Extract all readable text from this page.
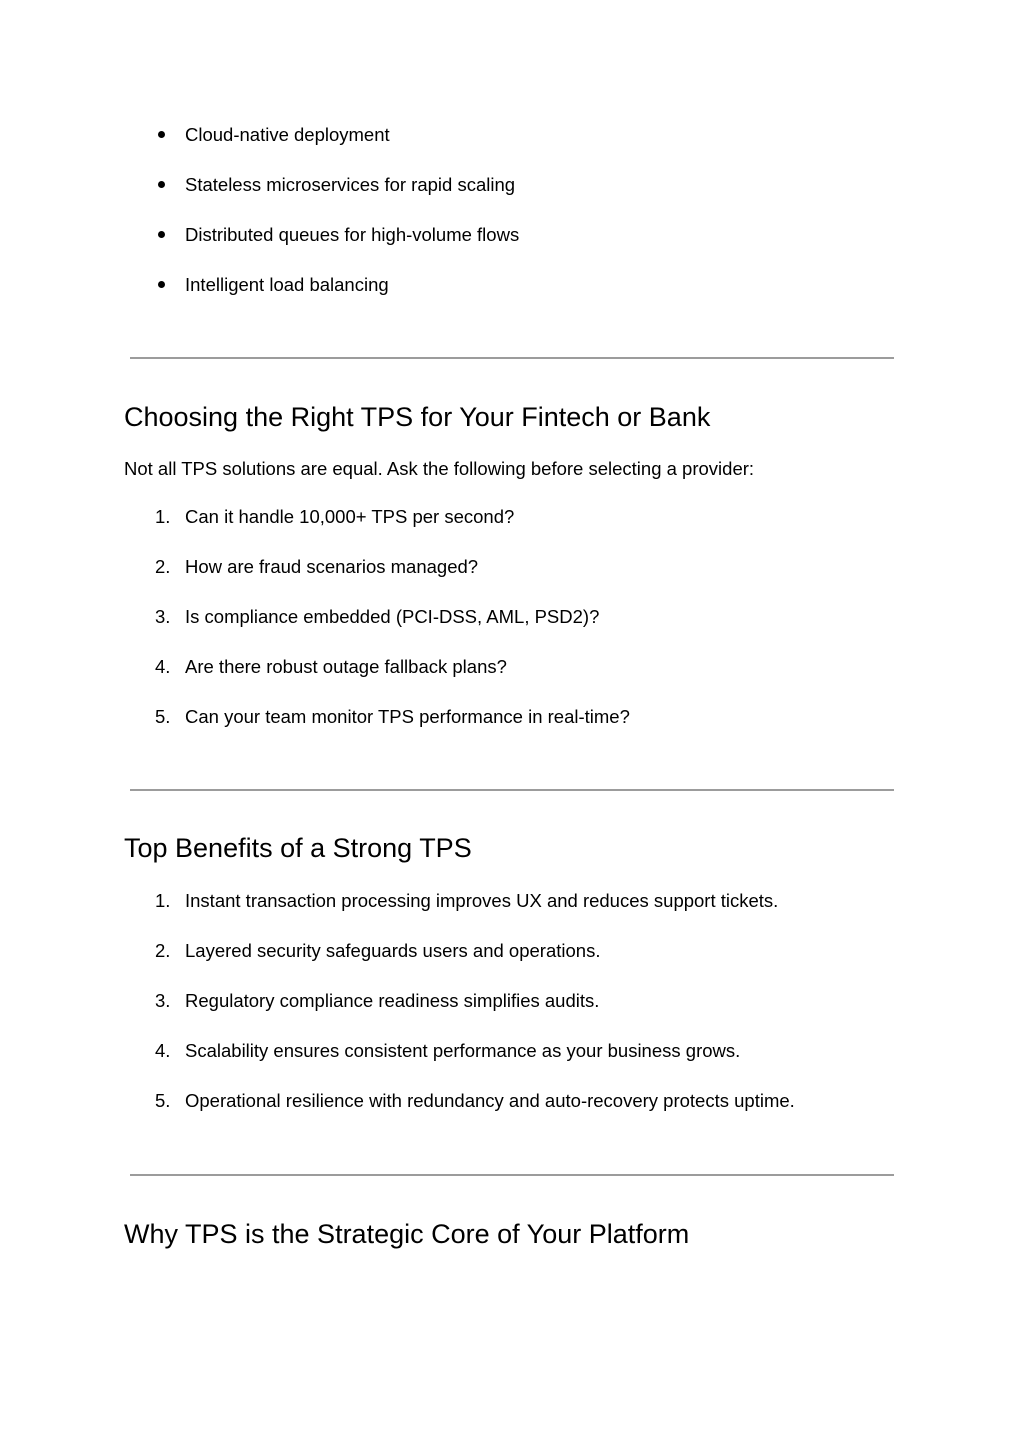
Cloud-native deployment
Stateless microservices for rapid scaling
Distributed queues for high-volume flows
Intelligent load balancing
Choosing the Right TPS for Your Fintech or Bank

Not all TPS solutions are equal. Ask the following before selecting a provider:

1. Can it handle 10,000+ TPS per second?
2. How are fraud scenarios managed?
3. Is compliance embedded (PCI-DSS, AML, PSD2)?
4. Are there robust outage fallback plans?
5. Can your team monitor TPS performance in real-time?
Top Benefits of a Strong TPS
1. Instant transaction processing improves UX and reduces support tickets.
2. Layered security safeguards users and operations.
3. Regulatory compliance readiness simplifies audits.
4. Scalability ensures consistent performance as your business grows.
5. Operational resilience with redundancy and auto-recovery protects uptime.
Why TPS is the Strategic Core of Your Platform
